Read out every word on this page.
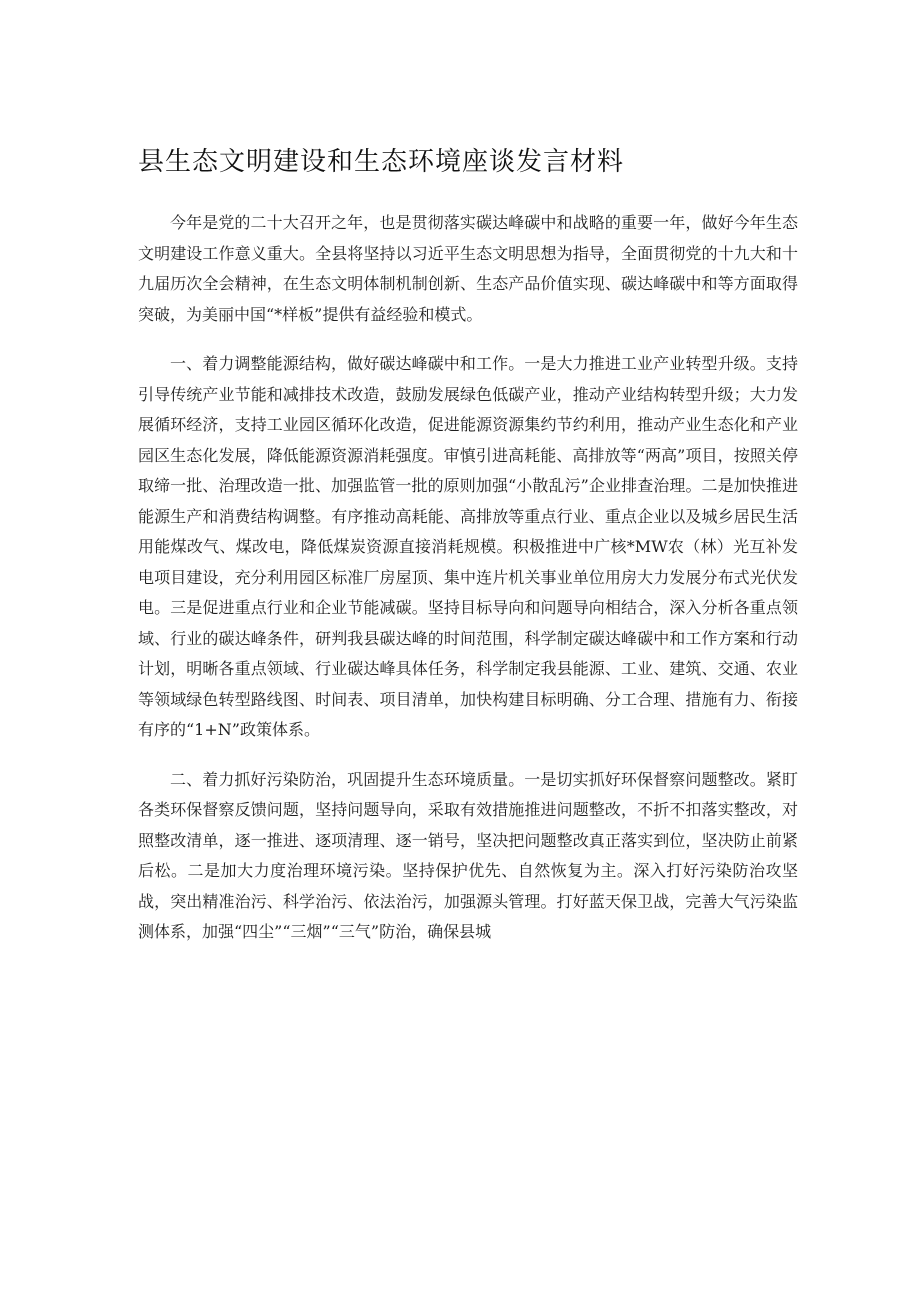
县生态文明建设和生态环境座谈发言材料

今年是党的二十大召开之年，也是贯彻落实碳达峰碳中和战略的重要一年，做好今年生态文明建设工作意义重大。全县将坚持以习近平生态文明思想为指导，全面贯彻党的十九大和十九届历次全会精神，在生态文明体制机制创新、生态产品价值实现、碳达峰碳中和等方面取得突破，为美丽中国“*样板”提供有益经验和模式。

一、着力调整能源结构，做好碳达峰碳中和工作。一是大力推进工业产业转型升级。支持引导传统产业节能和减排技术改造，鼓励发展绿色低碳产业，推动产业结构转型升级；大力发展循环经济，支持工业园区循环化改造，促进能源资源集约节约利用，推动产业生态化和产业园区生态化发展，降低能源资源消耗强度。审慎引进高耗能、高排放等“两高”项目，按照关停取缔一批、治理改造一批、加强监管一批的原则加强“小散乱污”企业排查治理。二是加快推进能源生产和消费结构调整。有序推动高耗能、高排放等重点行业、重点企业以及城乡居民生活用能煤改气、煤改电，降低煤炭资源直接消耗规模。积极推进中广核*MW农（林）光互补发电项目建设，充分利用园区标准厂房屋顶、集中连片机关事业单位用房大力发展分布式光伏发电。三是促进重点行业和企业节能减碳。坚持目标导向和问题导向相结合，深入分析各重点领域、行业的碳达峰条件，研判我县碳达峰的时间范围，科学制定碳达峰碳中和工作方案和行动计划，明晰各重点领域、行业碳达峰具体任务，科学制定我县能源、工业、建筑、交通、农业等领域绿色转型路线图、时间表、项目清单，加快构建目标明确、分工合理、措施有力、衔接有序的“1+N”政策体系。

二、着力抓好污染防治，巩固提升生态环境质量。一是切实抓好环保督察问题整改。紧盯各类环保督察反馈问题，坚持问题导向，采取有效措施推进问题整改，不折不扣落实整改，对照整改清单，逐一推进、逐项清理、逐一销号，坚决把问题整改真正落实到位，坚决防止前紧后松。二是加大力度治理环境污染。坚持保护优先、自然恢复为主。深入打好污染防治攻坚战，突出精准治污、科学治污、依法治污，加强源头管理。打好蓝天保卫战，完善大气污染监测体系，加强“四尘”“三烟”“三气”防治，确保县城
